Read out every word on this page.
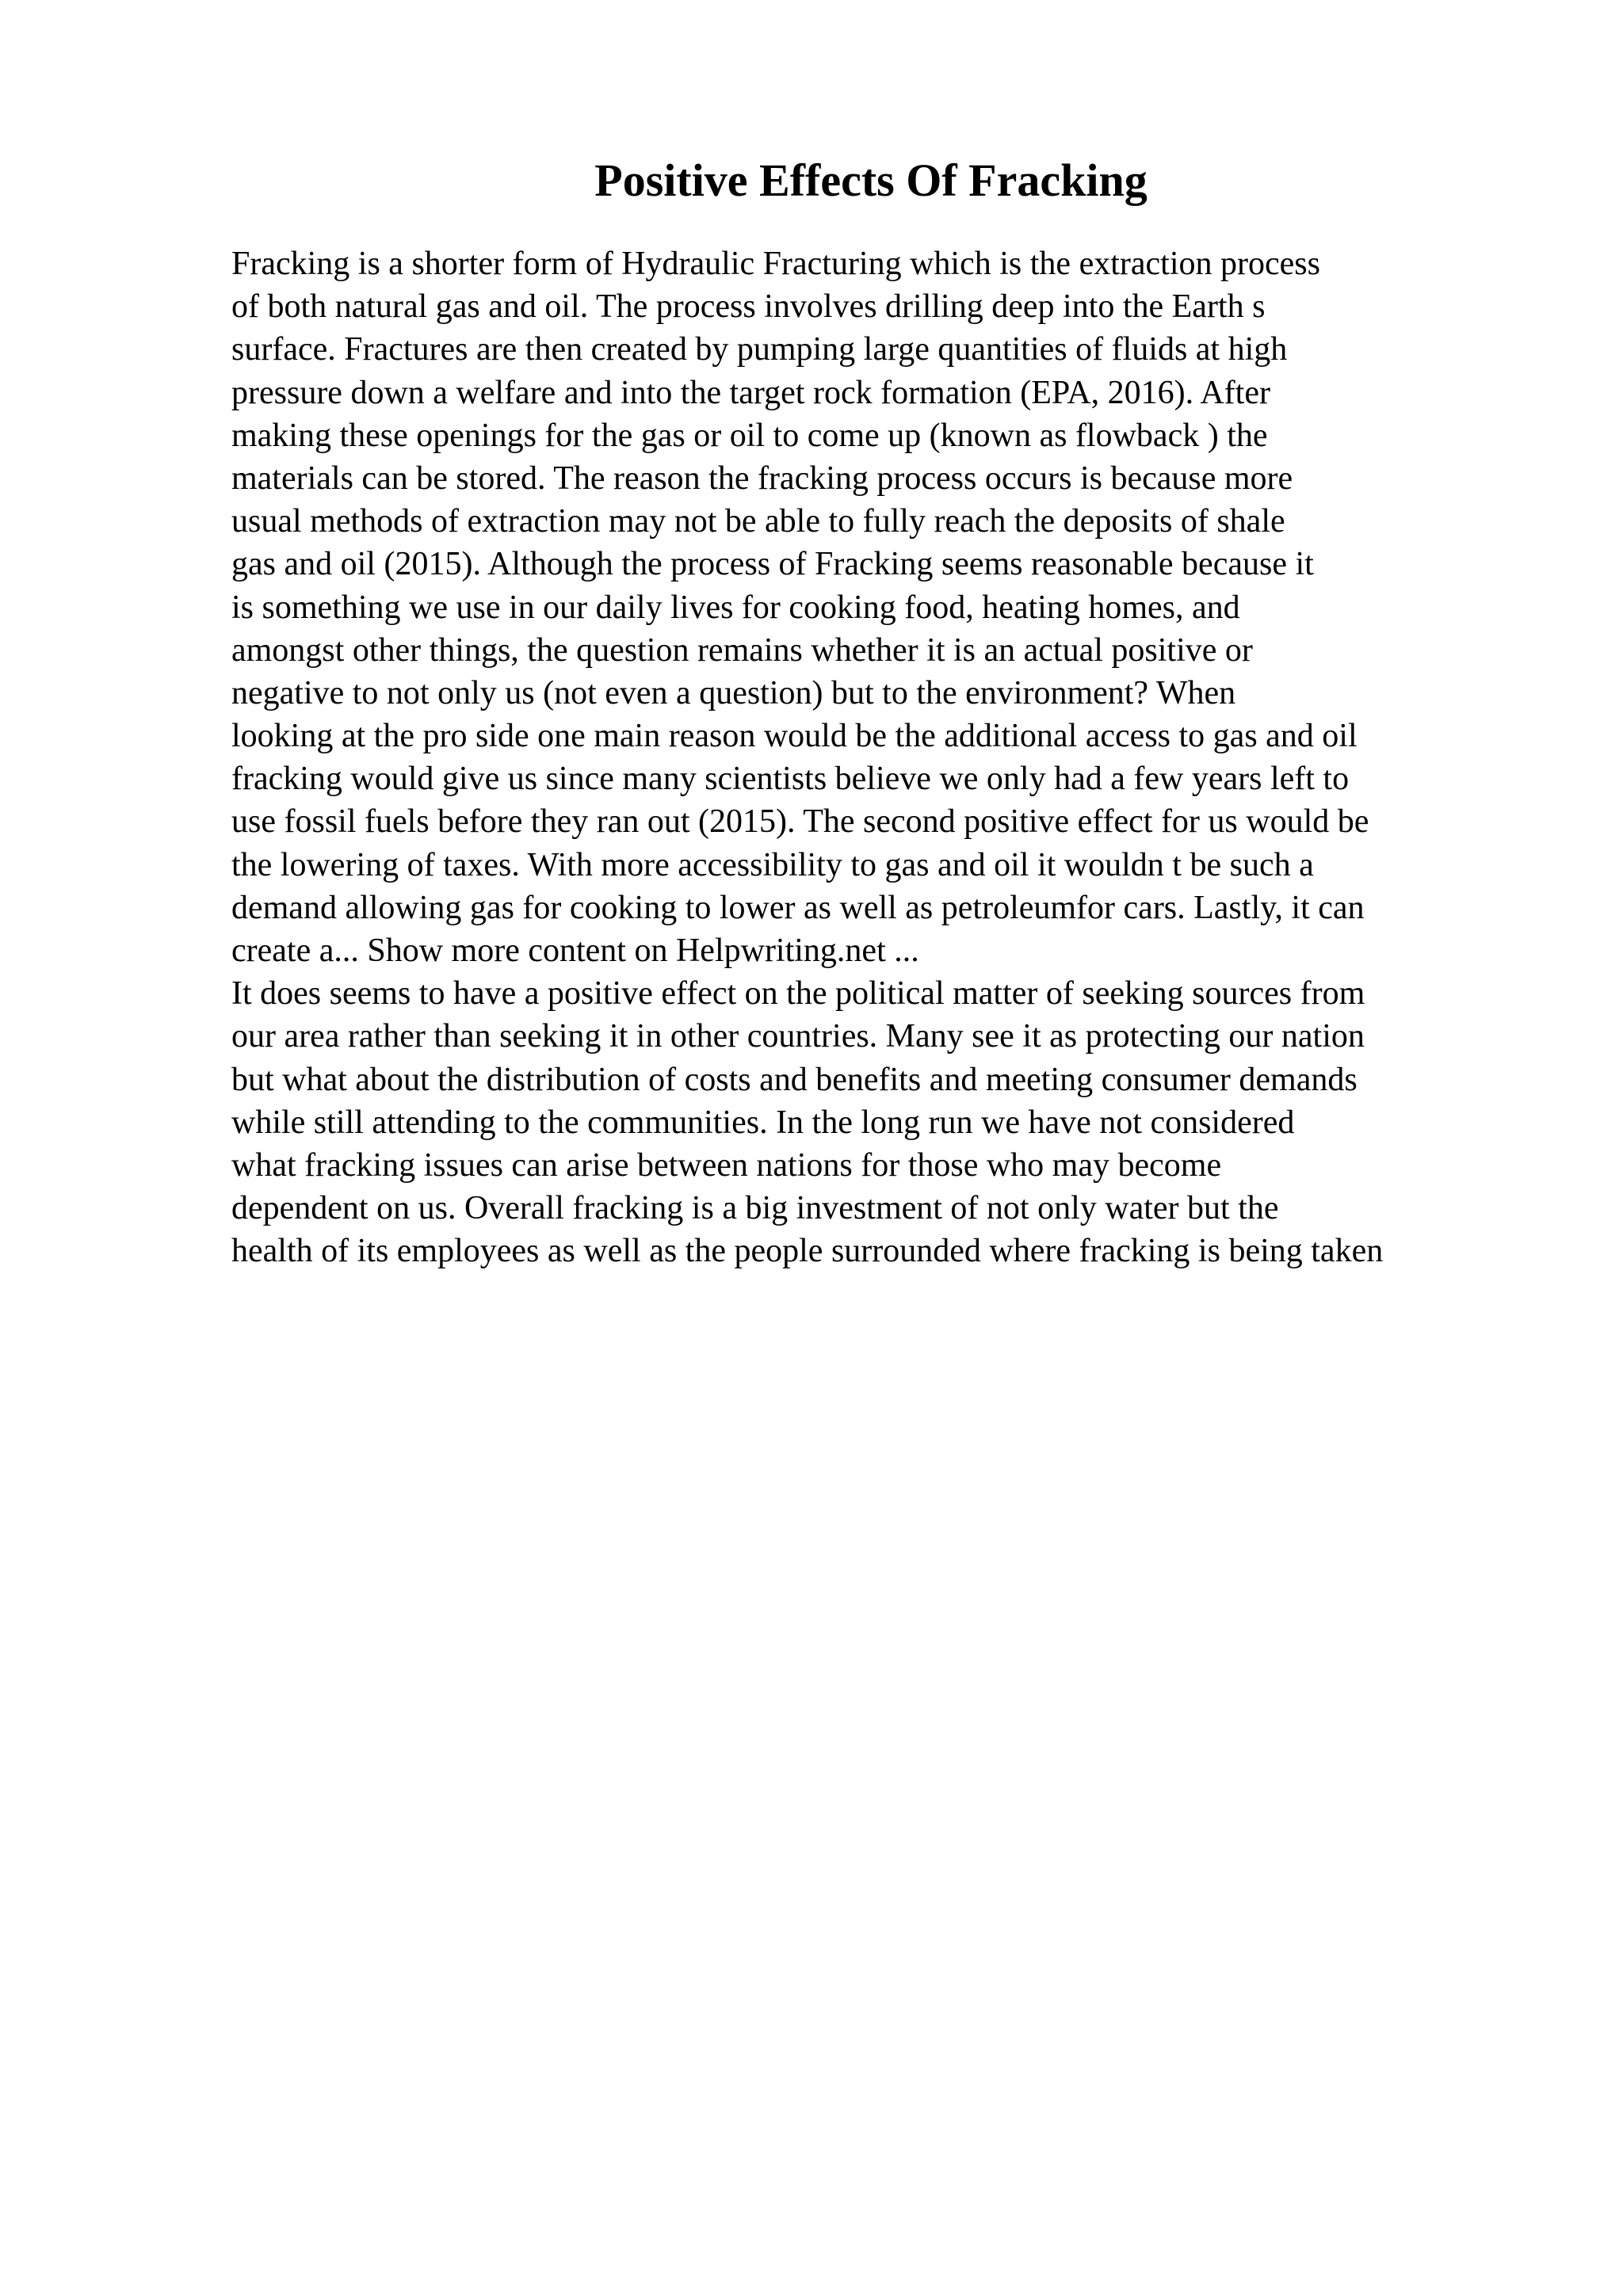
Positive Effects Of Fracking
Fracking is a shorter form of Hydraulic Fracturing which is the extraction process
of both natural gas and oil. The process involves drilling deep into the Earth s
surface. Fractures are then created by pumping large quantities of fluids at high
pressure down a welfare and into the target rock formation (EPA, 2016). After
making these openings for the gas or oil to come up (known as flowback ) the
materials can be stored. The reason the fracking process occurs is because more
usual methods of extraction may not be able to fully reach the deposits of shale
gas and oil (2015). Although the process of Fracking seems reasonable because it
is something we use in our daily lives for cooking food, heating homes, and
amongst other things, the question remains whether it is an actual positive or
negative to not only us (not even a question) but to the environment? When
looking at the pro side one main reason would be the additional access to gas and oil
fracking would give us since many scientists believe we only had a few years left to
use fossil fuels before they ran out (2015). The second positive effect for us would be
the lowering of taxes. With more accessibility to gas and oil it wouldn t be such a
demand allowing gas for cooking to lower as well as petroleumfor cars. Lastly, it can
create a... Show more content on Helpwriting.net ...
It does seems to have a positive effect on the political matter of seeking sources from
our area rather than seeking it in other countries. Many see it as protecting our nation
but what about the distribution of costs and benefits and meeting consumer demands
while still attending to the communities. In the long run we have not considered
what fracking issues can arise between nations for those who may become
dependent on us. Overall fracking is a big investment of not only water but the
health of its employees as well as the people surrounded where fracking is being taken
